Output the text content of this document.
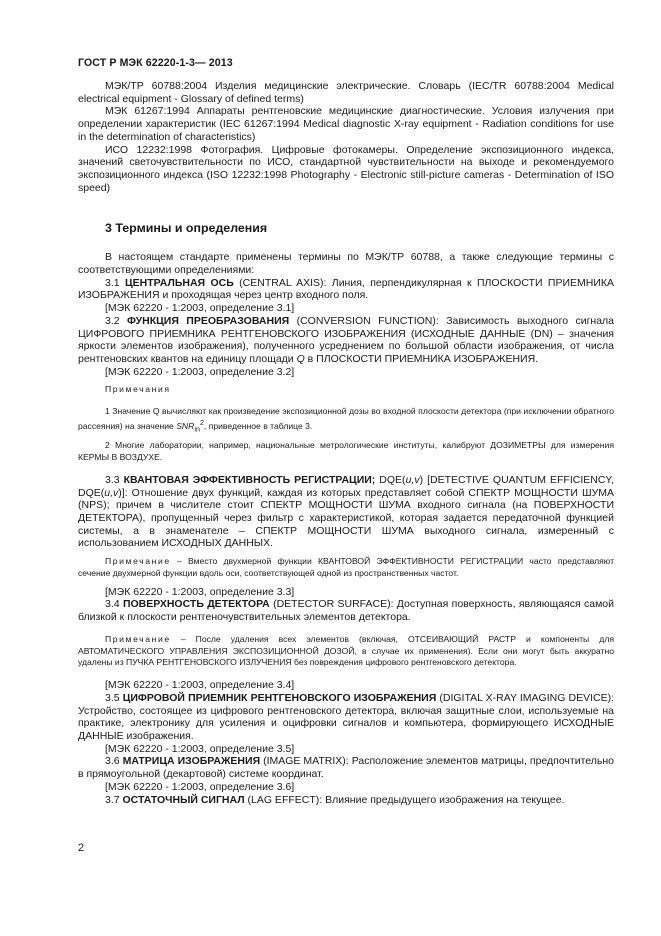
ГОСТ Р МЭК 62220-1-3— 2013

МЭК/ТР 60788:2004 Изделия медицинские электрические. Словарь (IEC/TR 60788:2004 Medical electrical equipment - Glossary of defined terms)

МЭК 61267:1994 Аппараты рентгеновские медицинские диагностические. Условия излучения при определении характеристик (IEC 61267:1994 Medical diagnostic X-ray equipment - Radiation conditions for use in the determination of characteristics)

ИСО 12232:1998 Фотография. Цифровые фотокамеры. Определение экспозиционного индекса, значений светочувствительности по ИСО, стандартной чувствительности на выходе и рекомендуемого экспозиционного индекса (ISO 12232:1998 Photography - Electronic still-picture cameras - Determination of ISO speed)

3 Термины и определения

В настоящем стандарте применены термины по МЭК/ТР 60788, а также следующие термины с соответствующими определениями:

3.1 ЦЕНТРАЛЬНАЯ ОСЬ (CENTRAL AXIS): Линия, перпендикулярная к ПЛОСКОСТИ ПРИЕМНИКА ИЗОБРАЖЕНИЯ и проходящая через центр входного поля.

[МЭК 62220 - 1:2003, определение 3.1]

3.2 ФУНКЦИЯ ПРЕОБРАЗОВАНИЯ (CONVERSION FUNCTION): Зависимость выходного сигнала ЦИФРОВОГО ПРИЕМНИКА РЕНТГЕНОВСКОГО ИЗОБРАЖЕНИЯ (ИСХОДНЫЕ ДАННЫЕ (DN) – значения яркости элементов изображения), полученного усреднением по большой области изображения, от числа рентгеновских квантов на единицу площади Q в ПЛОСКОСТИ ПРИЕМНИКА ИЗОБРАЖЕНИЯ.

[МЭК 62220 - 1:2003, определение 3.2]

Примечания

1 Значение Q вычисляют как произведение экспозиционной дозы во входной плоскости детектора (при исключении обратного рассеяния) на значение $SNR_{in}^2$, приведенное в таблице 3.

2 Многие лаборатории, например, национальные метрологические институты, калибруют ДОЗИМЕТРЫ для измерения КЕРМЫ В ВОЗДУХЕ.

3.3 КВАНТОВАЯ ЭФФЕКТИВНОСТЬ РЕГИСТРАЦИИ; DQE(u,v) [DETECTIVE QUANTUM EFFICIENCY, DQE(u,v)]: Отношение двух функций, каждая из которых представляет собой СПЕКТР МОЩНОСТИ ШУМА (NPS); причем в числителе стоит СПЕКТР МОЩНОСТИ ШУМА входного сигнала (на ПОВЕРХНОСТИ ДЕТЕКТОРА), пропущенный через фильтр с характеристикой, которая задается передаточной функцией системы, а в знаменателе – СПЕКТР МОЩНОСТИ ШУМА выходного сигнала, измеренный с использованием ИСХОДНЫХ ДАННЫХ.

Примечание – Вместо двухмерной функции КВАНТОВОЙ ЭФФЕКТИВНОСТИ РЕГИСТРАЦИИ часто представляют сечение двухмерной функции вдоль оси, соответствующей одной из пространственных частот.

[МЭК 62220 - 1:2003, определение 3.3]

3.4 ПОВЕРХНОСТЬ ДЕТЕКТОРА (DETECTOR SURFACE): Доступная поверхность, являющаяся самой близкой к плоскости рентгеночувствительных элементов детектора.

Примечание – После удаления всех элементов (включая, ОТСЕИВАЮЩИЙ РАСТР и компоненты для АВТОМАТИЧЕСКОГО УПРАВЛЕНИЯ ЭКСПОЗИЦИОННОЙ ДОЗОЙ, в случае их применения). Если они могут быть аккуратно удалены из ПУЧКА РЕНТГЕНОВСКОГО ИЗЛУЧЕНИЯ без повреждения цифрового рентгеновского детектора.

[МЭК 62220 - 1:2003, определение 3.4]

3.5 ЦИФРОВОЙ ПРИЕМНИК РЕНТГЕНОВСКОГО ИЗОБРАЖЕНИЯ (DIGITAL X-RAY IMAGING DEVICE): Устройство, состоящее из цифрового рентгеновского детектора, включая защитные слои, используемые на практике, электронику для усиления и оцифровки сигналов и компьютера, формирующего ИСХОДНЫЕ ДАННЫЕ изображения.

[МЭК 62220 - 1:2003, определение 3.5]

3.6 МАТРИЦА ИЗОБРАЖЕНИЯ (IMAGE MATRIX): Расположение элементов матрицы, предпочтительно в прямоугольной (декартовой) системе координат.

[МЭК 62220 - 1:2003, определение 3.6]

3.7 ОСТАТОЧНЫЙ СИГНАЛ (LAG EFFECT): Влияние предыдущего изображения на текущее.

2
